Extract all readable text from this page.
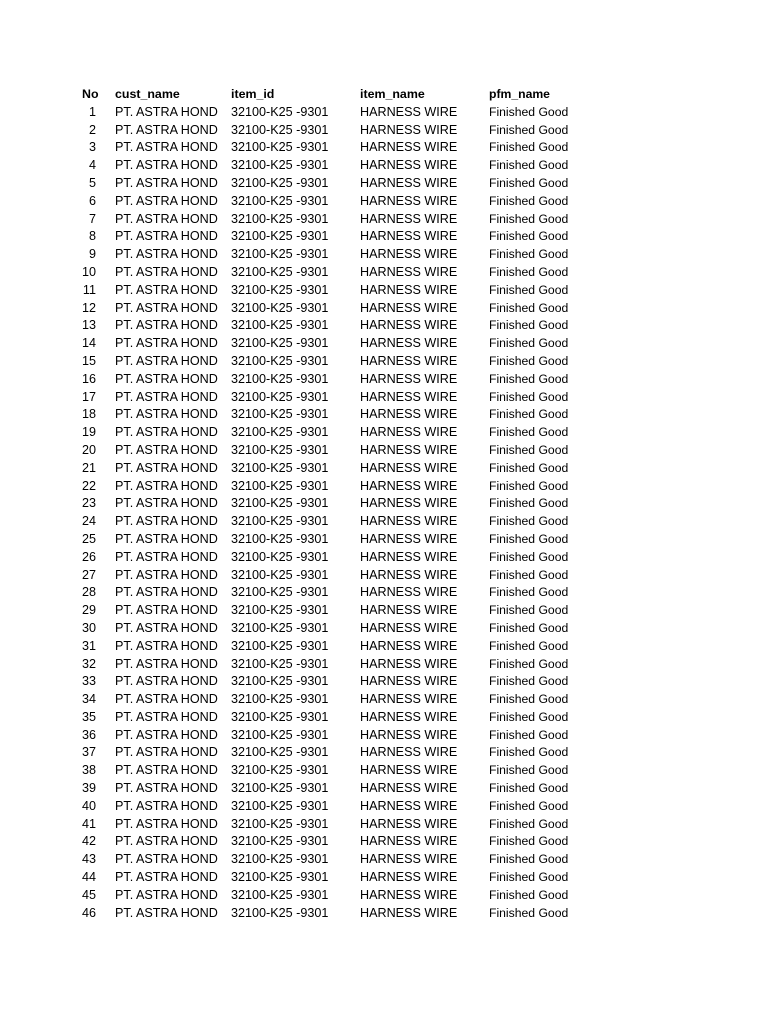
No cust_name	item_id	item_name	pfm_name
1 PT. ASTRA HOND 32100-K25 -9301	HARNESS WIRE	Finished Good
2 PT. ASTRA HOND 32100-K25 -9301	HARNESS WIRE	Finished Good
3 PT. ASTRA HOND 32100-K25 -9301	HARNESS WIRE	Finished Good
4 PT. ASTRA HOND 32100-K25 -9301	HARNESS WIRE	Finished Good
5 PT. ASTRA HOND 32100-K25 -9301	HARNESS WIRE	Finished Good
6 PT. ASTRA HOND 32100-K25 -9301	HARNESS WIRE	Finished Good
7 PT. ASTRA HOND 32100-K25 -9301	HARNESS WIRE	Finished Good
8 PT. ASTRA HOND 32100-K25 -9301	HARNESS WIRE	Finished Good
9 PT. ASTRA HOND 32100-K25 -9301	HARNESS WIRE	Finished Good
10 PT. ASTRA HOND 32100-K25 -9301	HARNESS WIRE	Finished Good
11 PT. ASTRA HOND 32100-K25 -9301	HARNESS WIRE	Finished Good
12 PT. ASTRA HOND 32100-K25 -9301	HARNESS WIRE	Finished Good
13 PT. ASTRA HOND 32100-K25 -9301	HARNESS WIRE	Finished Good
14 PT. ASTRA HOND 32100-K25 -9301	HARNESS WIRE	Finished Good
15 PT. ASTRA HOND 32100-K25 -9301	HARNESS WIRE	Finished Good
16 PT. ASTRA HOND 32100-K25 -9301	HARNESS WIRE	Finished Good
17 PT. ASTRA HOND 32100-K25 -9301	HARNESS WIRE	Finished Good
18 PT. ASTRA HOND 32100-K25 -9301	HARNESS WIRE	Finished Good
19 PT. ASTRA HOND 32100-K25 -9301	HARNESS WIRE	Finished Good
20 PT. ASTRA HOND 32100-K25 -9301	HARNESS WIRE	Finished Good
21 PT. ASTRA HOND 32100-K25 -9301	HARNESS WIRE	Finished Good
22 PT. ASTRA HOND 32100-K25 -9301	HARNESS WIRE	Finished Good
23 PT. ASTRA HOND 32100-K25 -9301	HARNESS WIRE	Finished Good
24 PT. ASTRA HOND 32100-K25 -9301	HARNESS WIRE	Finished Good
25 PT. ASTRA HOND 32100-K25 -9301	HARNESS WIRE	Finished Good
26 PT. ASTRA HOND 32100-K25 -9301	HARNESS WIRE	Finished Good
27 PT. ASTRA HOND 32100-K25 -9301	HARNESS WIRE	Finished Good
28 PT. ASTRA HOND 32100-K25 -9301	HARNESS WIRE	Finished Good
29 PT. ASTRA HOND 32100-K25 -9301	HARNESS WIRE	Finished Good
30 PT. ASTRA HOND 32100-K25 -9301	HARNESS WIRE	Finished Good
31 PT. ASTRA HOND 32100-K25 -9301	HARNESS WIRE	Finished Good
32 PT. ASTRA HOND 32100-K25 -9301	HARNESS WIRE	Finished Good
33 PT. ASTRA HOND 32100-K25 -9301	HARNESS WIRE	Finished Good
34 PT. ASTRA HOND 32100-K25 -9301	HARNESS WIRE	Finished Good
35 PT. ASTRA HOND 32100-K25 -9301	HARNESS WIRE	Finished Good
36 PT. ASTRA HOND 32100-K25 -9301	HARNESS WIRE	Finished Good
37 PT. ASTRA HOND 32100-K25 -9301	HARNESS WIRE	Finished Good
38 PT. ASTRA HOND 32100-K25 -9301	HARNESS WIRE	Finished Good
39 PT. ASTRA HOND 32100-K25 -9301	HARNESS WIRE	Finished Good
40 PT. ASTRA HOND 32100-K25 -9301	HARNESS WIRE	Finished Good
41 PT. ASTRA HOND 32100-K25 -9301	HARNESS WIRE	Finished Good
42 PT. ASTRA HOND 32100-K25 -9301	HARNESS WIRE	Finished Good
43 PT. ASTRA HOND 32100-K25 -9301	HARNESS WIRE	Finished Good
44 PT. ASTRA HOND 32100-K25 -9301	HARNESS WIRE	Finished Good
45 PT. ASTRA HOND 32100-K25 -9301	HARNESS WIRE	Finished Good
46 PT. ASTRA HOND 32100-K25 -9301	HARNESS WIRE	Finished Good
